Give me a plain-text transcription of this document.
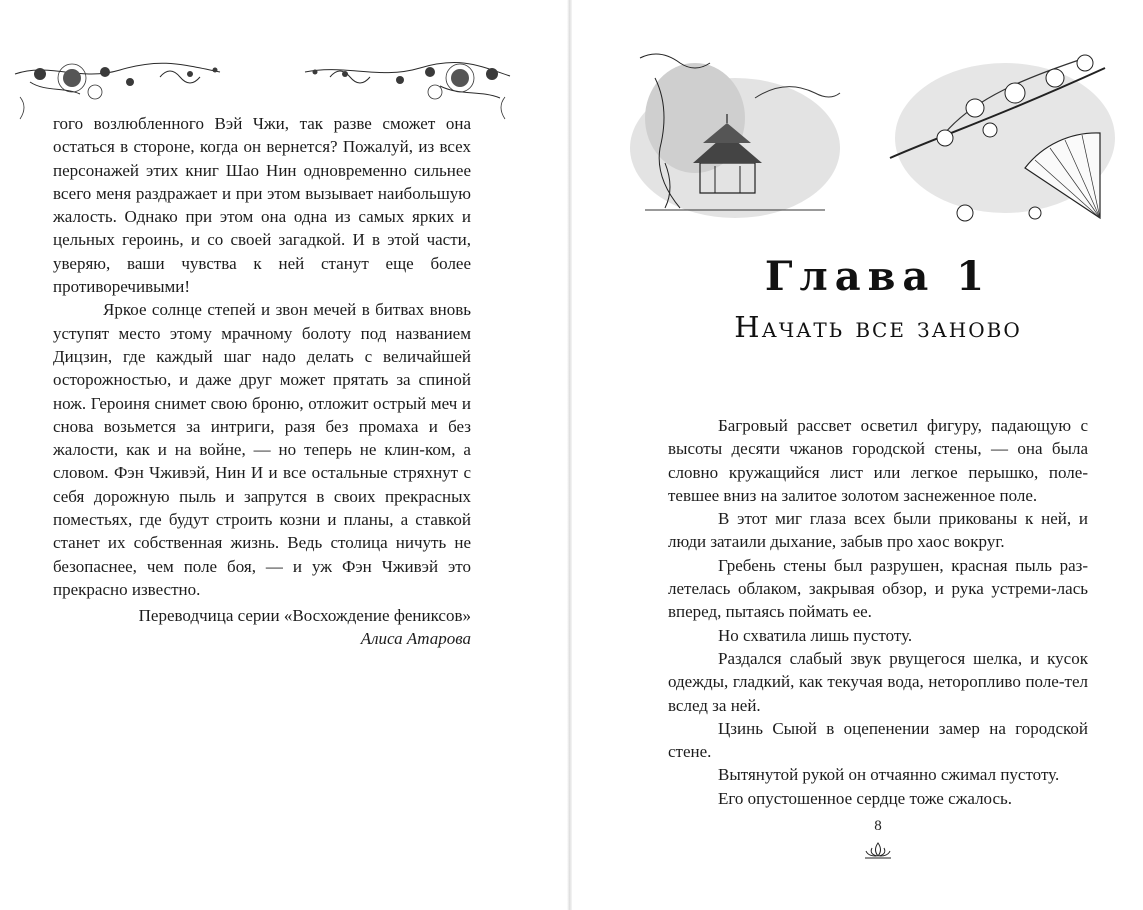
гого возлюбленного Вэй Чжи, так разве сможет она остаться в стороне, когда он вернется? Пожалуй, из всех персонажей этих книг Шао Нин одновременно сильнее всего меня раздражает и при этом вызывает наибольшую жалость. Однако при этом она одна из самых ярких и цельных героинь, и со своей загадкой. И в этой части, уверяю, ваши чувства к ней станут еще более противоречивыми!

Яркое солнце степей и звон мечей в битвах вновь уступят место этому мрачному болоту под названием Дицзин, где каждый шаг надо делать с величайшей осторожностью, и даже друг может прятать за спиной нож. Героиня снимет свою броню, отложит острый меч и снова возьмется за интриги, разя без промаха и без жалости, как и на войне, — но теперь не клин-ком, а словом. Фэн Чживэй, Нин И и все остальные стряхнут с себя дорожную пыль и запрутся в своих прекрасных поместьях, где будут строить козни и планы, а ставкой станет их собственная жизнь. Ведь столица ничуть не безопаснее, чем поле боя, — и уж Фэн Чживэй это прекрасно известно.

Переводчица серии «Восхождение фениксов»
Алиса Атарова
Глава 1
Начать все заново

Багровый рассвет осветил фигуру, падающую с высоты десяти чжанов городской стены, — она была словно кружащийся лист или легкое перышко, поле-тевшее вниз на залитое золотом заснеженное поле.

В этот миг глаза всех были прикованы к ней, и люди затаили дыхание, забыв про хаос вокруг.

Гребень стены был разрушен, красная пыль раз-летелась облаком, закрывая обзор, и рука устреми-лась вперед, пытаясь поймать ее.

Но схватила лишь пустоту.

Раздался слабый звук рвущегося шелка, и кусок одежды, гладкий, как текучая вода, неторопливо поле-тел вслед за ней.

Цзинь Сыюй в оцепенении замер на городской стене.

Вытянутой рукой он отчаянно сжимал пустоту.

Его опустошенное сердце тоже сжалось.

8
